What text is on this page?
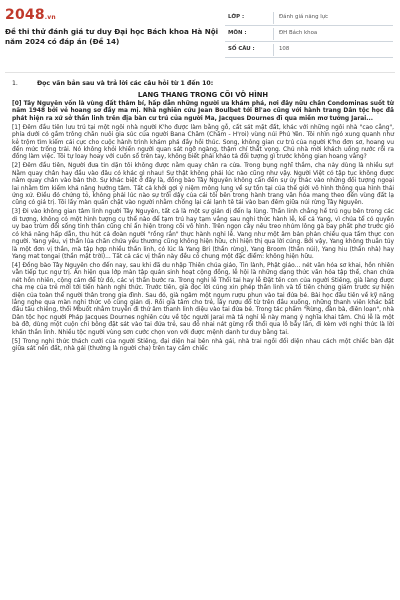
2048.vn
Đề thi thử đánh giá tư duy Đại học Bách khoa Hà Nội năm 2024 có đáp án (Đề 14)
LỚP :	Đánh giá năng lực
MÔN :	ĐH Bách khoa
SỐ CÂU :	108
1.	Đọc văn bản sau và trả lời các câu hỏi từ 1 đến 10:
LANG THANG TRONG CÕI VÔ HÌNH

[0] Tây Nguyên vốn là vùng đất thâm bí, hấp dẫn những người ưa khám phá, nơi đây nữu chân Condominas suốt từ năm 1948 bởi vẻ hoang sơ đầy ma mị. Nhà nghiên cứu Jean Boulbet tới Bl'ao cũng với hành trang Dân tộc học đã phát hiện ra xứ sở thần linh trên địa bàn cư trú của người Ma, Jacques Dournes đi qua miền mơ tưởng Jarai...

[1] Đêm đầu tiên lưu trú tại một ngôi nhà người K'ho được làm bằng gỗ, cất sát mặt đất, khác với những ngôi nhà "cao cẳng", phía dưới có gầm trông chăn nuôi gia súc của người Bana Chăm (Chăm - H'roi) vùng núi Phú Yên. Tôi nhìn ngó xung quanh như kẻ trộm tìm kiếm cái cực cho cuộc hành trình khám phá đầy hồi thúc. Song, không gian cư trú của người K'ho đơn sơ, hoang vu đến mức trống trải. Nó không khỏi khiến người quan sát ngỡ ngàng, thậm chí thất vọng. Chủ nhà mời khách uống nước rồi ra đồng làm việc. Tôi tự loay hoay với cuốn sổ trên tay, không biết phải khảo tả đối tượng gì trước không gian hoang vắng?

[2] Đêm đầu tiên, Người đưa tin dặn tôi không được nằm quay chân ra cửa. Trong bụng nghĩ thầm, cha nảy dùng là nhiều sự! Nằm quay chân hay đầu vào đâu có khác gì nhau! Sự thật không phải lúc nào cũng như vậy. Người Việt có tập tục không được nằm quay chân vào bàn thờ. Sự khác biệt ở đây là, đồng bào Tây Nguyên không cần đến sự ủy thác vào những đối tượng ngoại lai nhằm tìm kiếm khả năng hướng tâm. Tất cả khởi gợi ý niệm mông lung về sự tồn tại của thế giới vô hình thông qua hình thái ứng xử. Điều đó chứng tỏ, không phải lúc nào sự trối dậy của cái tôi bên trong hành trang văn hóa mang theo đến vùng đất lạ cũng có giá trị. Tôi lấy màn quấn chặt vào người nhằm chống lại cái lạnh tê tái vào ban đêm giữa núi rừng Tây Nguyên.

[3] Đi vào không gian tâm linh người Tây Nguyên, tất cả là một sự giản dị đến lạ lùng. Thần linh chẳng hề trú ngụ bên trong các di tượng, không có một hình tượng cụ thể nào để tạm trú hay tạm vắng sau nghi thức hành lễ, kể cả Yang, vì chúa tể có quyền uy bao trùm đối sống tinh thần cũng chỉ ẩn hiện trong cõi vô hình. Trên ngọn cây nêu treo nhúm lông gà bay phất phơ trước gió có khả năng hấp dẫn, thu hút cả đoàn người "rồng rắn" thực hành nghi lễ. Vang như một âm bản phản chiếu qua tấm thực con người. Yang yêu, vị thần lúa chăn chứa yêu thương cũng không hiện hữu, chỉ hiện thị qua lời cúng. Bởi vậy, Yang không thuần túy là một đơn vị thần, mà tập hợp nhiều thần linh, có lúc là Yang Bri (thần rừng), Yang Broom (thần núi), Yang hiu (thần nhà) hay Yang mat tongai (thần mặt trời)... Tất cả các vị thần này đều có chung một đặc điểm: không hiện hữu.

[4] Đồng bào Tây Nguyên cho đến nay, sau khi đã du nhập Thiên chúa giáo, Tin lành, Phật giáo... nét văn hóa sơ khai, hồn nhiên vẫn tiếp tục ngự trị. Ẩn hiện qua lớp màn tập quán sinh hoạt cộng đồng, lễ hội là những dạng thức văn hóa tập thể, chan chứa nét hồn nhiên, cộng cảm để từ đó, các vị thần bước ra. Trong nghi lễ Thổi tai hay lễ Đặt tên con của người Stiêng, già làng được cha mẹ của trẻ mời tới tiến hành nghi thức. Trước tiên, già đọc lời cúng xin phép thần linh và tổ tiên chứng giám trước sự hiện diện của toàn thể người thân trong gia đình. Sau đó, già ngâm một ngụm rượu phun vào tai đứa bé. Bài học đầu tiên về kỹ năng lắng nghe qua màn nghi thức vô cùng giản dị. Rồi già tâm cho trẻ, lấy rượu đổ từ trên đầu xuống, những thanh viên khác bắt đầu tấu chiêng, thổi Mbuốt nhằm truyền đi thứ âm thanh linh diệu vào tai đứa bé. Trong tác phẩm "Rừng, đàn bà, điên loạn", nhà Dân tộc học người Pháp Jacques Dournes nghiên cứu về tộc người Jarai mà tá nghỉ lễ này mang ý nghĩa khai tâm. Chủ lễ là một bà đỡ, dùng một cuộn chỉ bông đặt sát vào tai đứa trẻ, sau đó nhai nát gừng rồi thổi qua lỗ bấy lần, đi kèm với nghi thức là lời khấn thần linh. Nhiều tộc người vùng sơn cước chọn von với được mệnh danh tư duy bằng tai.

[5] Trong nghi thức thách cưới của người Stiêng, đại diện hai bên nhà gái, nhà trai ngồi đối diện nhau cách một chiếc bàn đặt giữa sát nền đất, nhà gái (thường là người cha) trên tay cầm chiếc
